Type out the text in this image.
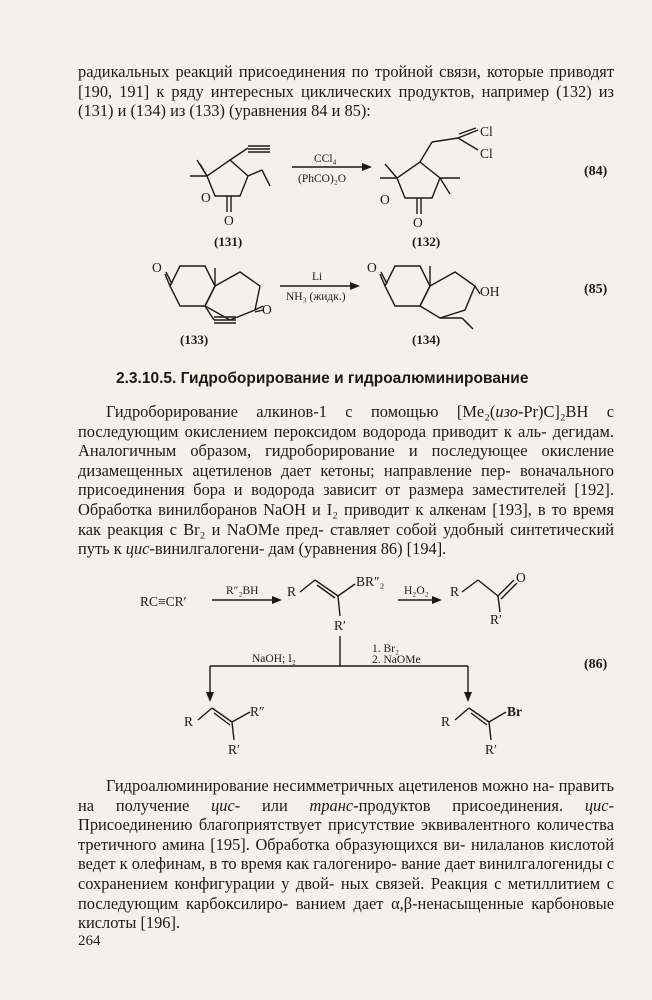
радикальных реакций присоединения по тройной связи, которые приводят [190, 191] к ряду интересных циклических продуктов, например (132) из (131) и (134) из (133) (уравнения 84 и 85):

O
O
(131)
CCl₄
(PhCO)₂O
O
O
Cl
Cl
(132)
(84)
O
O
(133)
Li
NH₃ (жидк.)
O
OH
(134)
(85)
2.3.10.5. Гидроборирование и гидроалюминирование

Гидроборирование алкинов-1 с помощью [Me₂(изо-Pr)C]₂BH с последующим окислением пероксидом водорода приводит к аль- дегидам. Аналогичным образом, гидроборирование и последующее окисление дизамещенных ацетиленов дает кетоны; направление пер- воначального присоединения бора и водорода зависит от размера заместителей [192]. Обработка винилборанов NaOH и I₂ приводит к алкенам [193], в то время как реакция с Br₂ и NaOMe пред- ставляет собой удобный синтетический путь к цис-винилгалогени- дам (уравнения 86) [194].

RC≡CR′
R″₂BH R
BR″₂
R′
H₂O₂ R
O
R′
NaOH; I₂
1. Br₂
2. NaOMe
R
R″
R′
R
Br
R′
(86)

Гидроалюминирование несимметричных ацетиленов можно на- править на получение цис- или транс-продуктов присоединения. цис-Присоединению благоприятствует присутствие эквивалентного количества третичного амина [195]. Обработка образующихся ви- нилаланов кислотой ведет к олефинам, в то время как галогениро- вание дает винилгалогениды с сохранением конфигурации у двой- ных связей. Реакция с метиллитием с последующим карбоксилиро- ванием дает α,β-ненасыщенные карбоновые кислоты [196].

264
